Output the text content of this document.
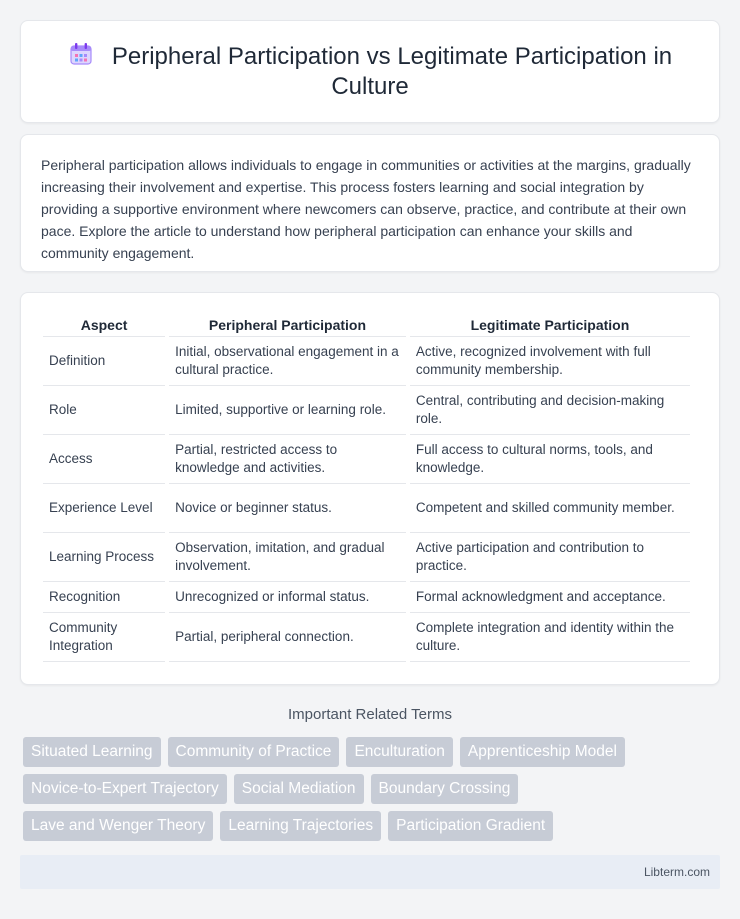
Peripheral Participation vs Legitimate Participation in Culture

Peripheral participation allows individuals to engage in communities or activities at the margins, gradually increasing their involvement and expertise. This process fosters learning and social integration by providing a supportive environment where newcomers can observe, practice, and contribute at their own pace. Explore the article to understand how peripheral participation can enhance your skills and community engagement.

Aspect	Peripheral Participation	Legitimate Participation
Definition	Initial, observational engagement in a cultural practice.	Active, recognized involvement with full community membership.
Role	Limited, supportive or learning role.	Central, contributing and decision-making role.
Access	Partial, restricted access to knowledge and activities.	Full access to cultural norms, tools, and knowledge.
Experience Level	Novice or beginner status.	Competent and skilled community member.
Learning Process	Observation, imitation, and gradual involvement.	Active participation and contribution to practice.
Recognition	Unrecognized or informal status.	Formal acknowledgment and acceptance.
Community Integration	Partial, peripheral connection.	Complete integration and identity within the culture.
Important Related Terms
Situated Learning	Community of Practice	Enculturation	Apprenticeship Model
Novice-to-Expert Trajectory	Social Mediation	Boundary Crossing
Lave and Wenger Theory	Learning Trajectories	Participation Gradient
Libterm.com
